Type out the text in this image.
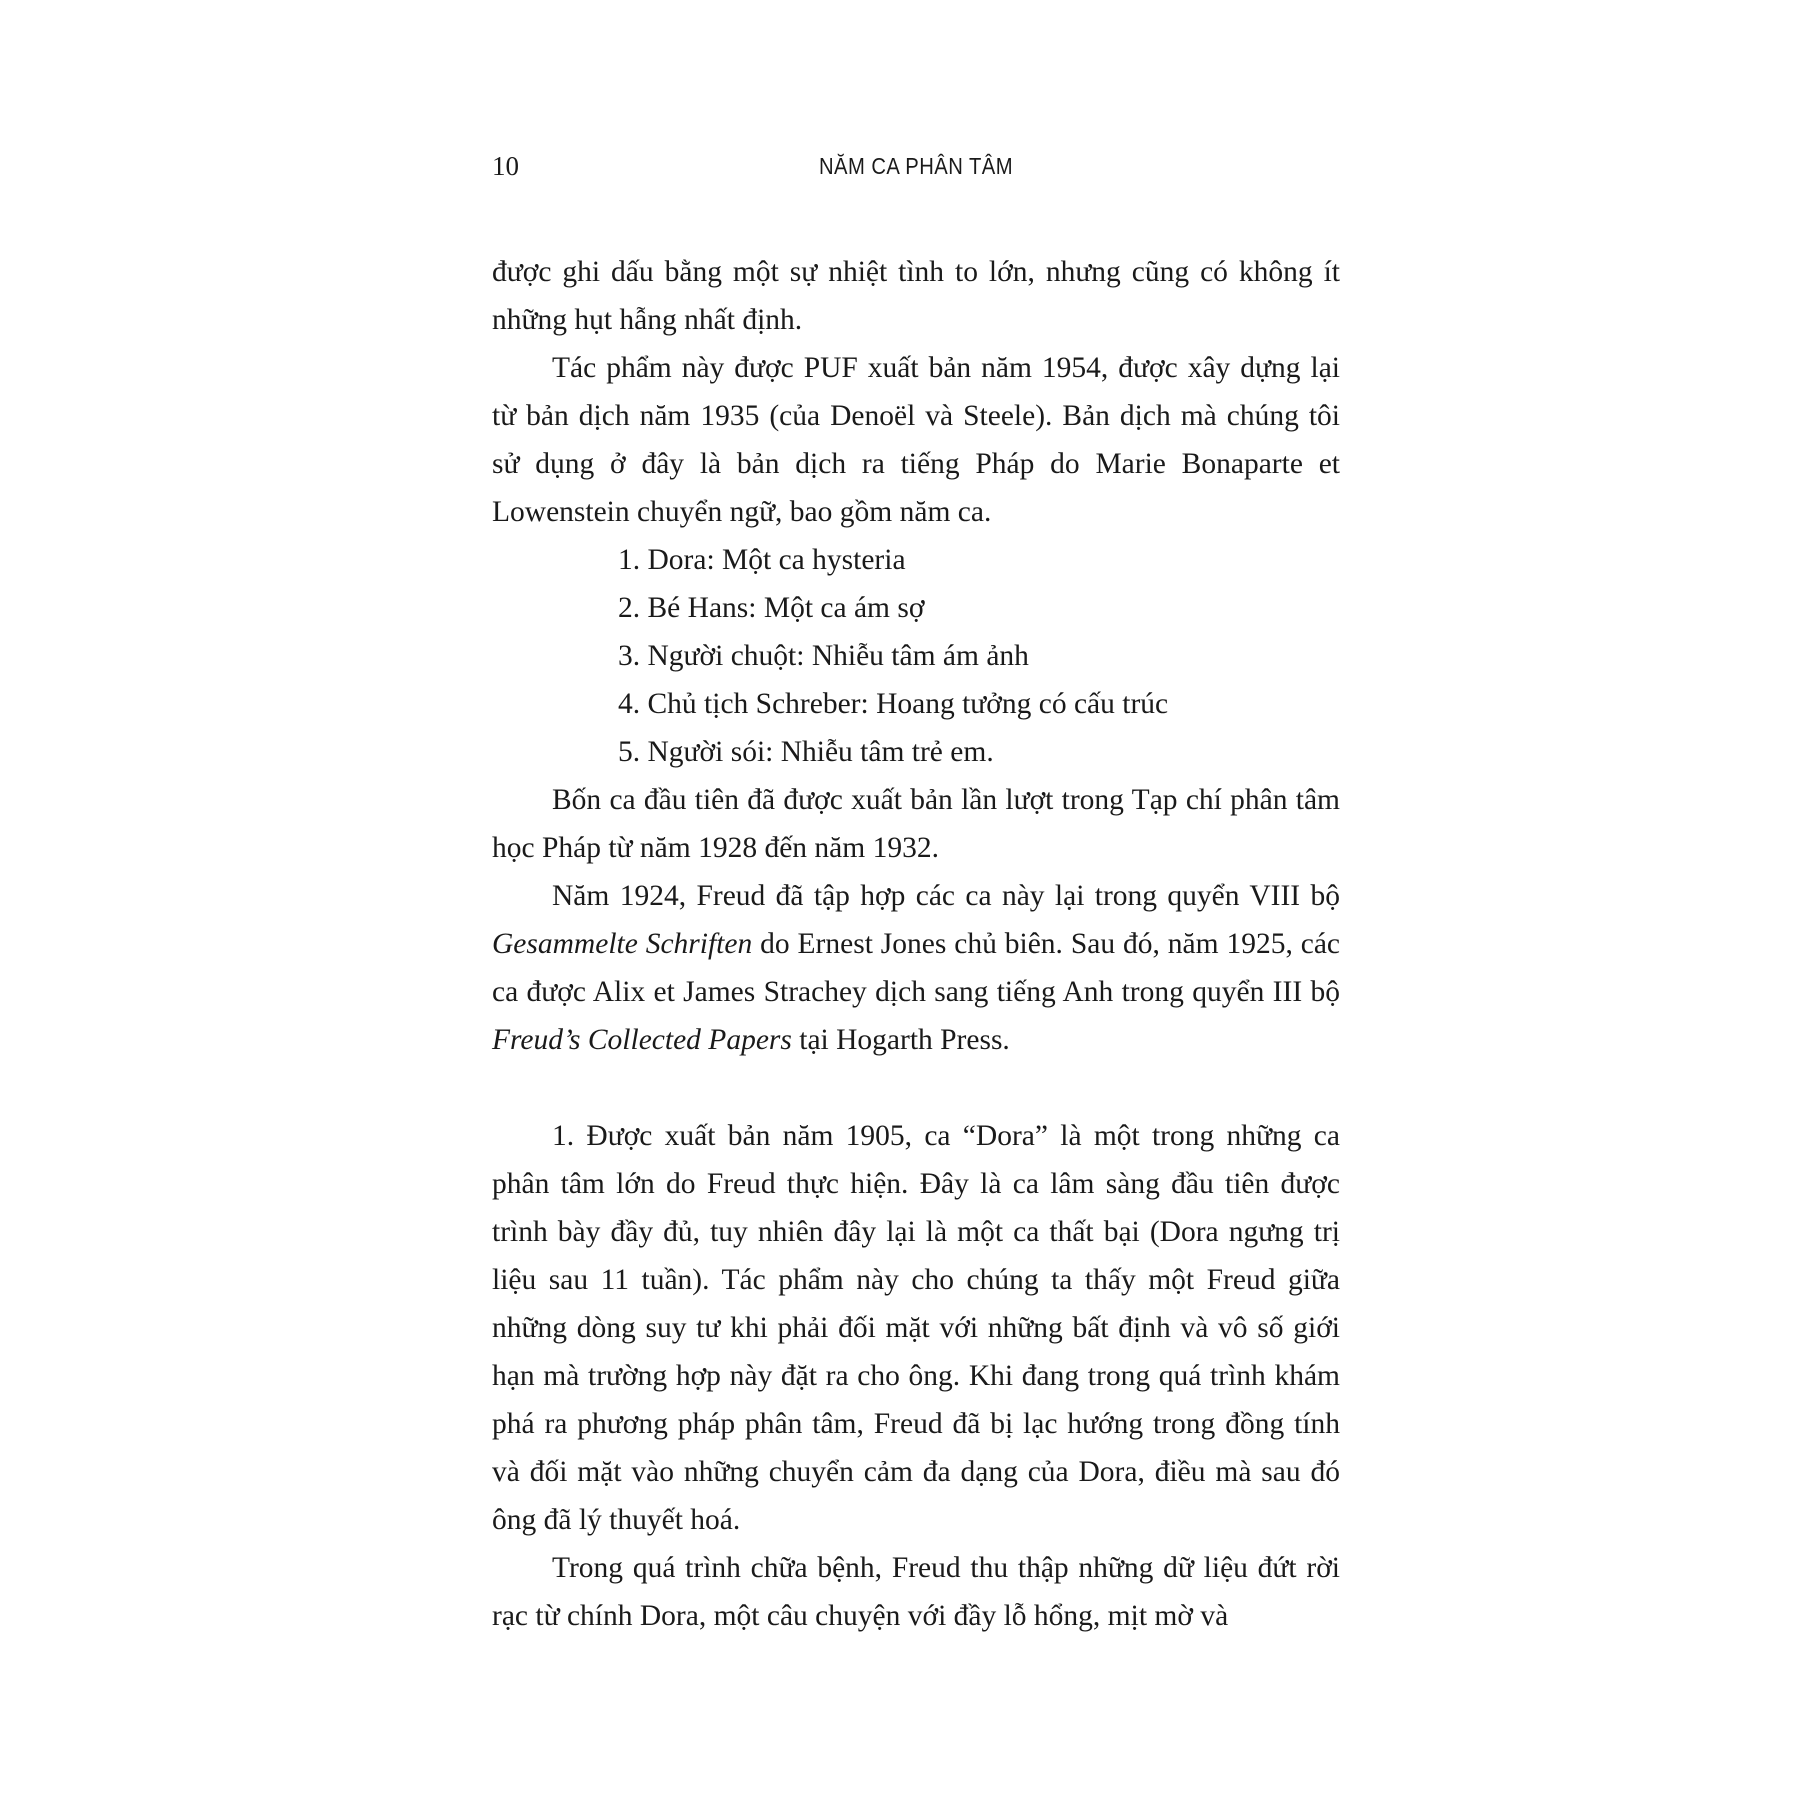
10	NĂM CA PHÂN TÂM

được ghi dấu bằng một sự nhiệt tình to lớn, nhưng cũng có không ít những hụt hẫng nhất định.

Tác phẩm này được PUF xuất bản năm 1954, được xây dựng lại từ bản dịch năm 1935 (của Denoël và Steele). Bản dịch mà chúng tôi sử dụng ở đây là bản dịch ra tiếng Pháp do Marie Bonaparte et Lowenstein chuyển ngữ, bao gồm năm ca.

1. Dora: Một ca hysteria
2. Bé Hans: Một ca ám sợ
3. Người chuột: Nhiễu tâm ám ảnh
4. Chủ tịch Schreber: Hoang tưởng có cấu trúc
5. Người sói: Nhiễu tâm trẻ em.

Bốn ca đầu tiên đã được xuất bản lần lượt trong Tạp chí phân tâm học Pháp từ năm 1928 đến năm 1932.

Năm 1924, Freud đã tập hợp các ca này lại trong quyển VIII bộ Gesammelte Schriften do Ernest Jones chủ biên. Sau đó, năm 1925, các ca được Alix et James Strachey dịch sang tiếng Anh trong quyển III bộ Freud’s Collected Papers tại Hogarth Press.

1. Được xuất bản năm 1905, ca “Dora” là một trong những ca phân tâm lớn do Freud thực hiện. Đây là ca lâm sàng đầu tiên được trình bày đầy đủ, tuy nhiên đây lại là một ca thất bại (Dora ngưng trị liệu sau 11 tuần). Tác phẩm này cho chúng ta thấy một Freud giữa những dòng suy tư khi phải đối mặt với những bất định và vô số giới hạn mà trường hợp này đặt ra cho ông. Khi đang trong quá trình khám phá ra phương pháp phân tâm, Freud đã bị lạc hướng trong đồng tính và đối mặt vào những chuyển cảm đa dạng của Dora, điều mà sau đó ông đã lý thuyết hoá.

Trong quá trình chữa bệnh, Freud thu thập những dữ liệu đứt rời rạc từ chính Dora, một câu chuyện với đầy lỗ hổng, mịt mờ và
